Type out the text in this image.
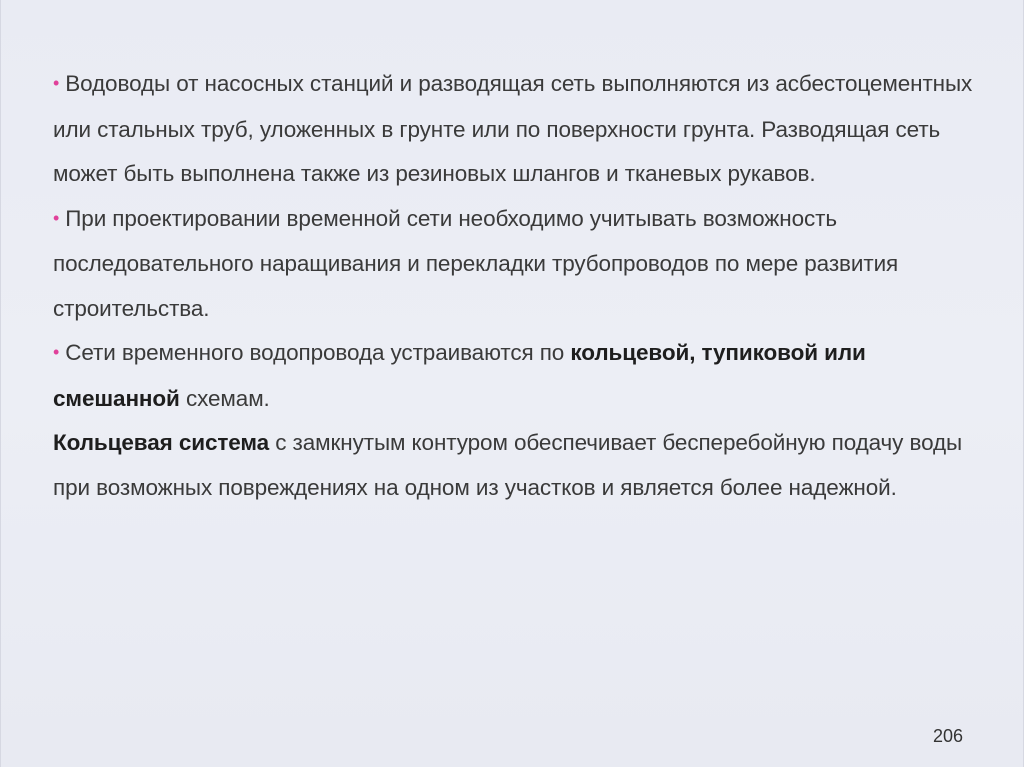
• Водоводы от насосных станций и разводящая сеть выполняются из асбестоцементных или стальных труб, уложенных в грунте или по поверхности грунта. Разводящая сеть может быть выполнена также из резиновых шлангов и тканевых рукавов.

• При проектировании временной сети необходимо учитывать возможность последовательного наращивания и перекладки трубопроводов по мере развития строительства.

• Сети временного водопровода устраиваются по кольцевой, тупиковой или смешанной схемам.

Кольцевая система с замкнутым контуром обеспечивает бесперебойную подачу воды при возможных повреждениях на одном из участков и является более надежной.

206
